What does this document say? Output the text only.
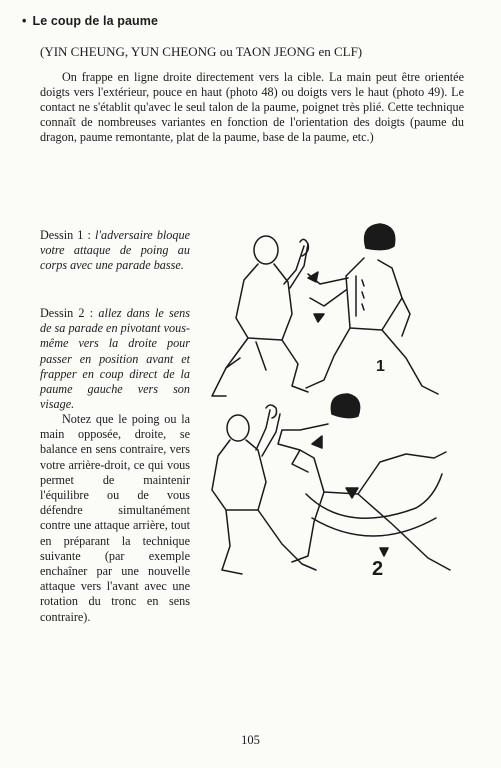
• Le coup de la paume
(YIN CHEUNG, YUN CHEONG ou TAON JEONG en CLF)

On frappe en ligne droite directement vers la cible. La main peut être orientée doigts vers l'extérieur, pouce en haut (photo 48) ou doigts vers le haut (photo 49). Le contact ne s'établit qu'avec le seul talon de la paume, poignet très plié. Cette technique connaît de nombreuses variantes en fonction de l'orientation des doigts (paume du dragon, paume remontante, plat de la paume, base de la paume, etc.)

Dessin 1 : l'adversaire bloque votre attaque de poing au corps avec une parade basse.

Dessin 2 : allez dans le sens de sa parade en pivotant vous-même vers la droite pour passer en position avant et frapper en coup direct de la paume gauche vers son visage.

Notez que le poing ou la main opposée, droite, se balance en sens contraire, vers votre arrière-droit, ce qui vous permet de maintenir l'équilibre ou de vous défendre simultanément contre une attaque arrière, tout en préparant la technique suivante (par exemple enchaîner par une nouvelle attaque vers l'avant avec une rotation du tronc en sens contraire).

1
2
105
